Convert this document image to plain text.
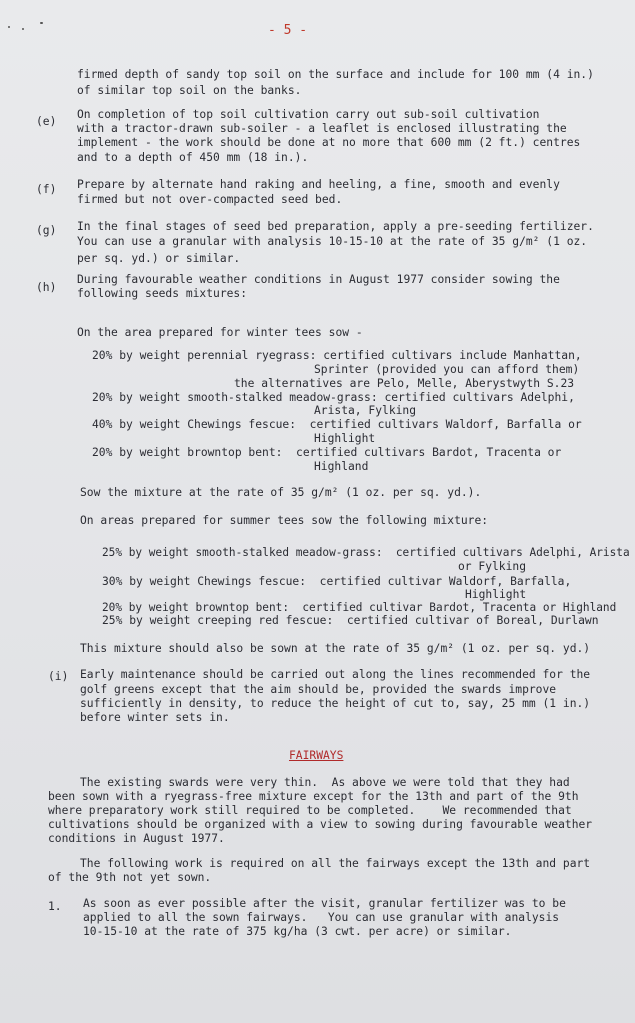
- 5 -
firmed depth of sandy top soil on the surface and include for 100 mm (4 in.)
of similar top soil on the banks.
(e)
On completion of top soil cultivation carry out sub-soil cultivation
with a tractor-drawn sub-soiler - a leaflet is enclosed illustrating the
implement - the work should be done at no more that 600 mm (2 ft.) centres
and to a depth of 450 mm (18 in.).
(f) Prepare by alternate hand raking and heeling, a fine, smooth and evenly
firmed but not over-compacted seed bed.
(g) In the final stages of seed bed preparation, apply a pre-seeding fertilizer.
You can use a granular with analysis 10-15-10 at the rate of 35 g/m² (1 oz.
per sq. yd.) or similar.
(h)
During favourable weather conditions in August 1977 consider sowing the
following seeds mixtures:
On the area prepared for winter tees sow -
20% by weight perennial ryegrass: certified cultivars include Manhattan,
Sprinter (provided you can afford them)
the alternatives are Pelo, Melle, Aberystwyth S.23
20% by weight smooth-stalked meadow-grass: certified cultivars Adelphi,
Arista, Fylking
40% by weight Chewings fescue:  certified cultivars Waldorf, Barfalla or
Highlight
20% by weight browntop bent:  certified cultivars Bardot, Tracenta or
Highland
Sow the mixture at the rate of 35 g/m² (1 oz. per sq. yd.).
On areas prepared for summer tees sow the following mixture:
25% by weight smooth-stalked meadow-grass:  certified cultivars Adelphi, Arista
or Fylking
30% by weight Chewings fescue:  certified cultivar Waldorf, Barfalla,
Highlight
20% by weight browntop bent:  certified cultivar Bardot, Tracenta or Highland
25% by weight creeping red fescue:  certified cultivar of Boreal, Durlawn
This mixture should also be sown at the rate of 35 g/m² (1 oz. per sq. yd.)
(i) Early maintenance should be carried out along the lines recommended for the
golf greens except that the aim should be, provided the swards improve
sufficiently in density, to reduce the height of cut to, say, 25 mm (1 in.)
before winter sets in.
FAIRWAYS
The existing swards were very thin.  As above we were told that they had
been sown with a ryegrass-free mixture except for the 13th and part of the 9th
where preparatory work still required to be completed.    We recommended that
cultivations should be organized with a view to sowing during favourable weather
conditions in August 1977.
The following work is required on all the fairways except the 13th and part
of the 9th not yet sown.
1. As soon as ever possible after the visit, granular fertilizer was to be
applied to all the sown fairways.   You can use granular with analysis
10-15-10 at the rate of 375 kg/ha (3 cwt. per acre) or similar.
